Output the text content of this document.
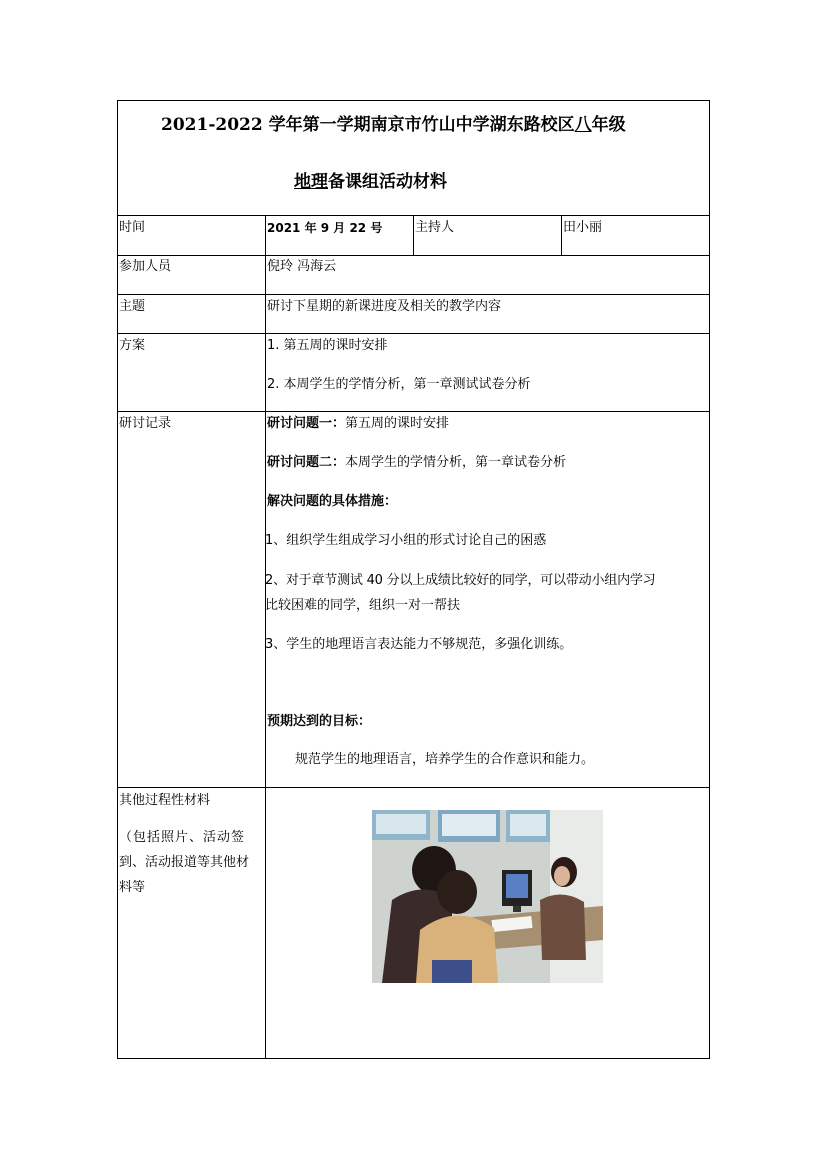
2021-2022 学年第一学期南京市竹山中学湖东路校区八年级
地理备课组活动材料
时间	2021 年 9 月 22 号	主持人	田小丽
参加人员	倪玲 冯海云
主题	研讨下星期的新课进度及相关的教学内容
方案	1. 第五周的课时安排
2. 本周学生的学情分析，第一章测试试卷分析
研讨记录	研讨问题一：第五周的课时安排
研讨问题二：本周学生的学情分析，第一章试卷分析
解决问题的具体措施：
1、组织学生组成学习小组的形式讨论自己的困惑
2、对于章节测试 40 分以上成绩比较好的同学，可以带动小组内学习
比较困难的同学，组织一对一帮扶
3、学生的地理语言表达能力不够规范，多强化训练。
预期达到的目标：
规范学生的地理语言，培养学生的合作意识和能力。
其他过程性材料
（包括照片、活动签
到、活动报道等其他材
料等
